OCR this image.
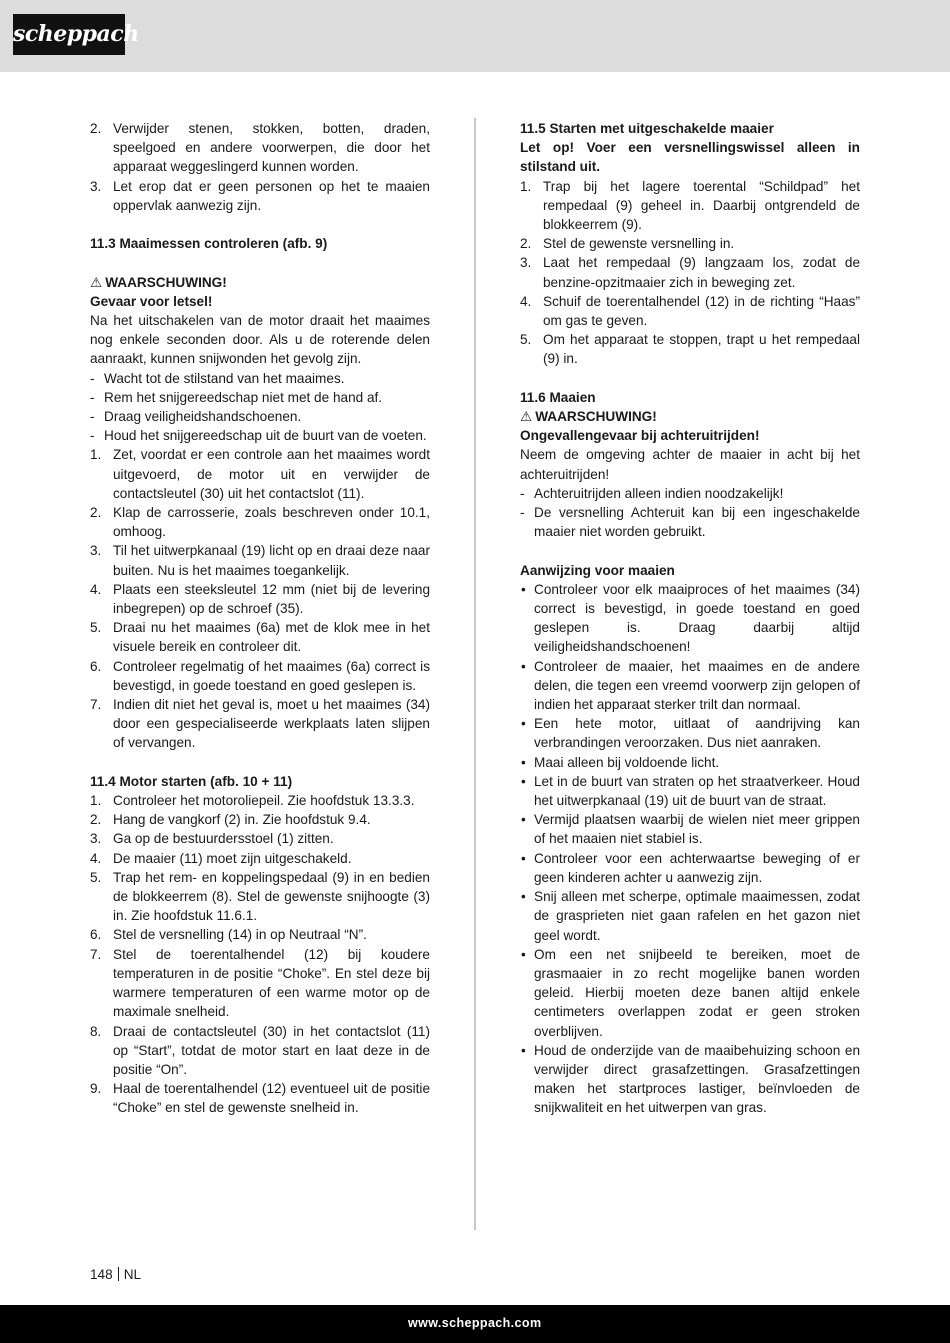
scheppach
2. Verwijder stenen, stokken, botten, draden, speelgoed en andere voorwerpen, die door het apparaat weggeslingerd kunnen worden.
3. Let erop dat er geen personen op het te maaien oppervlak aanwezig zijn.

11.3 Maaimessen controleren (afb. 9)

⚠ WAARSCHUWING!

Gevaar voor letsel!

Na het uitschakelen van de motor draait het maaimes nog enkele seconden door. Als u de roterende delen aanraakt, kunnen snijwonden het gevolg zijn.

- Wacht tot de stilstand van het maaimes.
- Rem het snijgereedschap niet met de hand af.
- Draag veiligheidshandschoenen.
- Houd het snijgereedschap uit de buurt van de voeten.
1. Zet, voordat er een controle aan het maaimes wordt uitgevoerd, de motor uit en verwijder de contactsleutel (30) uit het contactslot (11).
2. Klap de carrosserie, zoals beschreven onder 10.1, omhoog.
3. Til het uitwerpkanaal (19) licht op en draai deze naar buiten. Nu is het maaimes toegankelijk.
4. Plaats een steeksleutel 12 mm (niet bij de levering inbegrepen) op de schroef (35).
5. Draai nu het maaimes (6a) met de klok mee in het visuele bereik en controleer dit.
6. Controleer regelmatig of het maaimes (6a) correct is bevestigd, in goede toestand en goed geslepen is.
7. Indien dit niet het geval is, moet u het maaimes (34) door een gespecialiseerde werkplaats laten slijpen of vervangen.

11.4 Motor starten (afb. 10 + 11)

1. Controleer het motoroliepeil. Zie hoofdstuk 13.3.3.
2. Hang de vangkorf (2) in. Zie hoofdstuk 9.4.
3. Ga op de bestuurdersstoel (1) zitten.
4. De maaier (11) moet zijn uitgeschakeld.
5. Trap het rem- en koppelingspedaal (9) in en bedien de blokkeerrem (8). Stel de gewenste snijhoogte (3) in. Zie hoofdstuk 11.6.1.
6. Stel de versnelling (14) in op Neutraal “N”.
7. Stel de toerentalhendel (12) bij koudere temperaturen in de positie “Choke”. En stel deze bij warmere temperaturen of een warme motor op de maximale snelheid.
8. Draai de contactsleutel (30) in het contactslot (11) op “Start”, totdat de motor start en laat deze in de positie “On”.
9. Haal de toerentalhendel (12) eventueel uit de positie “Choke” en stel de gewenste snelheid in.

11.5 Starten met uitgeschakelde maaier

Let op! Voer een versnellingswissel alleen in stilstand uit.

1. Trap bij het lagere toerental “Schildpad” het rempedaal (9) geheel in. Daarbij ontgrendeld de blokkeerrem (9).
2. Stel de gewenste versnelling in.
3. Laat het rempedaal (9) langzaam los, zodat de benzine-opzitmaaier zich in beweging zet.
4. Schuif de toerentalhendel (12) in de richting “Haas” om gas te geven.
5. Om het apparaat te stoppen, trapt u het rempedaal (9) in.

11.6 Maaien

⚠ WAARSCHUWING!

Ongevallengevaar bij achteruitrijden!

Neem de omgeving achter de maaier in acht bij het achteruitrijden!

- Achteruitrijden alleen indien noodzakelijk!
- De versnelling Achteruit kan bij een ingeschakelde maaier niet worden gebruikt.

Aanwijzing voor maaien

• Controleer voor elk maaiproces of het maaimes (34) correct is bevestigd, in goede toestand en goed geslepen is. Draag daarbij altijd veiligheidshandschoenen!
• Controleer de maaier, het maaimes en de andere delen, die tegen een vreemd voorwerp zijn gelopen of indien het apparaat sterker trilt dan normaal.
• Een hete motor, uitlaat of aandrijving kan verbrandingen veroorzaken. Dus niet aanraken.
• Maai alleen bij voldoende licht.
• Let in de buurt van straten op het straatverkeer. Houd het uitwerpkanaal (19) uit de buurt van de straat.
• Vermijd plaatsen waarbij de wielen niet meer grippen of het maaien niet stabiel is.
• Controleer voor een achterwaartse beweging of er geen kinderen achter u aanwezig zijn.
• Snij alleen met scherpe, optimale maaimessen, zodat de grasprieten niet gaan rafelen en het gazon niet geel wordt.
• Om een net snijbeeld te bereiken, moet de grasmaaier in zo recht mogelijke banen worden geleid. Hierbij moeten deze banen altijd enkele centimeters overlappen zodat er geen stroken overblijven.
• Houd de onderzijde van de maaibehuizing schoon en verwijder direct grasafzettingen. Grasafzettingen maken het startproces lastiger, beïnvloeden de snijkwaliteit en het uitwerpen van gras.
148 NL
www.scheppach.com
